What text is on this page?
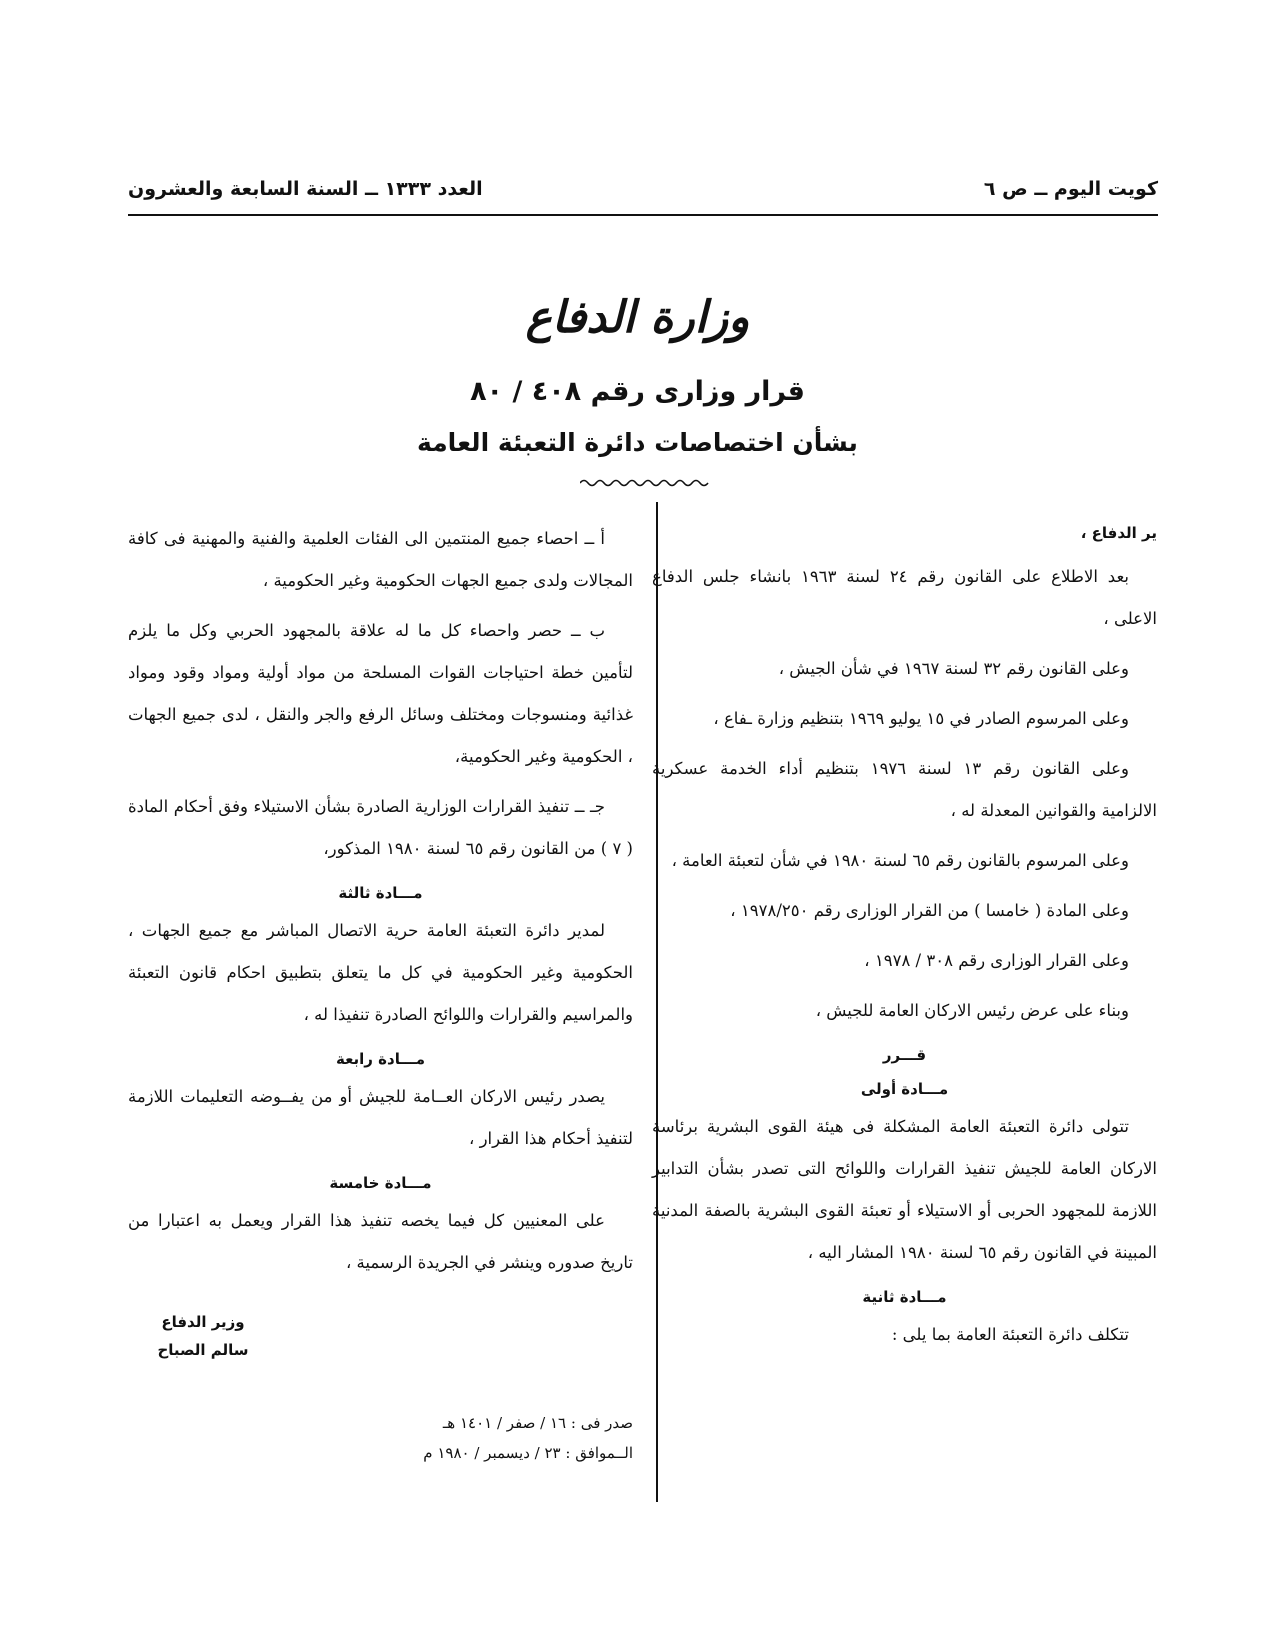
كويت اليوم ــ ص ٦
العدد ١٣٣٣ ــ السنة السابعة والعشرون
وزارة الدفاع
قرار وزارى رقم ٤٠٨ / ٨٠
بشأن اختصاصات دائرة التعبئة العامة

ير الدفاع ،

بعد الاطلاع على القانون رقم ٢٤ لسنة ١٩٦٣ بانشاء جلس الدفاع الاعلى ،

وعلى القانون رقم ٣٢ لسنة ١٩٦٧ في شأن الجيش ،

وعلى المرسوم الصادر في ١٥ يوليو ١٩٦٩ بتنظيم وزارة ـفاع ،

وعلى القانون رقم ١٣ لسنة ١٩٧٦ بتنظيم أداء الخدمة عسكرية الالزامية والقوانين المعدلة له ،

وعلى المرسوم بالقانون رقم ٦٥ لسنة ١٩٨٠ في شأن لتعبئة العامة ،

وعلى المادة ( خامسا ) من القرار الوزارى رقم ١٩٧٨/٢٥٠ ،

وعلى القرار الوزارى رقم ٣٠٨ / ١٩٧٨ ،

وبناء على عرض رئيس الاركان العامة للجيش ،

قـــرر
مـــادة أولى

تتولى دائرة التعبئة العامة المشكلة فى هيئة القوى البشرية برئاسة الاركان العامة للجيش تنفيذ القرارات واللوائح التى تصدر بشأن التدابير اللازمة للمجهود الحربى أو الاستيلاء أو تعبئة القوى البشرية بالصفة المدنية المبينة في القانون رقم ٦٥ لسنة ١٩٨٠ المشار اليه ،

مـــادة ثانية

تتكلف دائرة التعبئة العامة بما يلى :

أ ــ احصاء جميع المنتمين الى الفئات العلمية والفنية والمهنية فى كافة المجالات ولدى جميع الجهات الحكومية وغير الحكومية ،

ب ــ حصر واحصاء كل ما له علاقة بالمجهود الحربي وكل ما يلزم لتأمين خطة احتياجات القوات المسلحة من مواد أولية ومواد وقود ومواد غذائية ومنسوجات ومختلف وسائل الرفع والجر والنقل ، لدى جميع الجهات ، الحكومية وغير الحكومية،

جـ ــ تنفيذ القرارات الوزارية الصادرة بشأن الاستيلاء وفق أحكام المادة ( ٧ ) من القانون رقم ٦٥ لسنة ١٩٨٠ المذكور،

مـــادة ثالثة

لمدير دائرة التعبئة العامة حرية الاتصال المباشر مع جميع الجهات ، الحكومية وغير الحكومية في كل ما يتعلق بتطبيق احكام قانون التعبئة والمراسيم والقرارات واللوائح الصادرة تنفيذا له ،

مـــادة رابعة

يصدر رئيس الاركان العــامة للجيش أو من يفــوضه التعليمات اللازمة لتنفيذ أحكام هذا القرار ،

مـــادة خامسة

على المعنيين كل فيما يخصه تنفيذ هذا القرار ويعمل به اعتبارا من تاريخ صدوره وينشر في الجريدة الرسمية ،

وزير الدفاع
سالم الصباح
صدر فى : ١٦ / صفر / ١٤٠١ هـ
الــموافق : ٢٣ / ديسمبر / ١٩٨٠ م
